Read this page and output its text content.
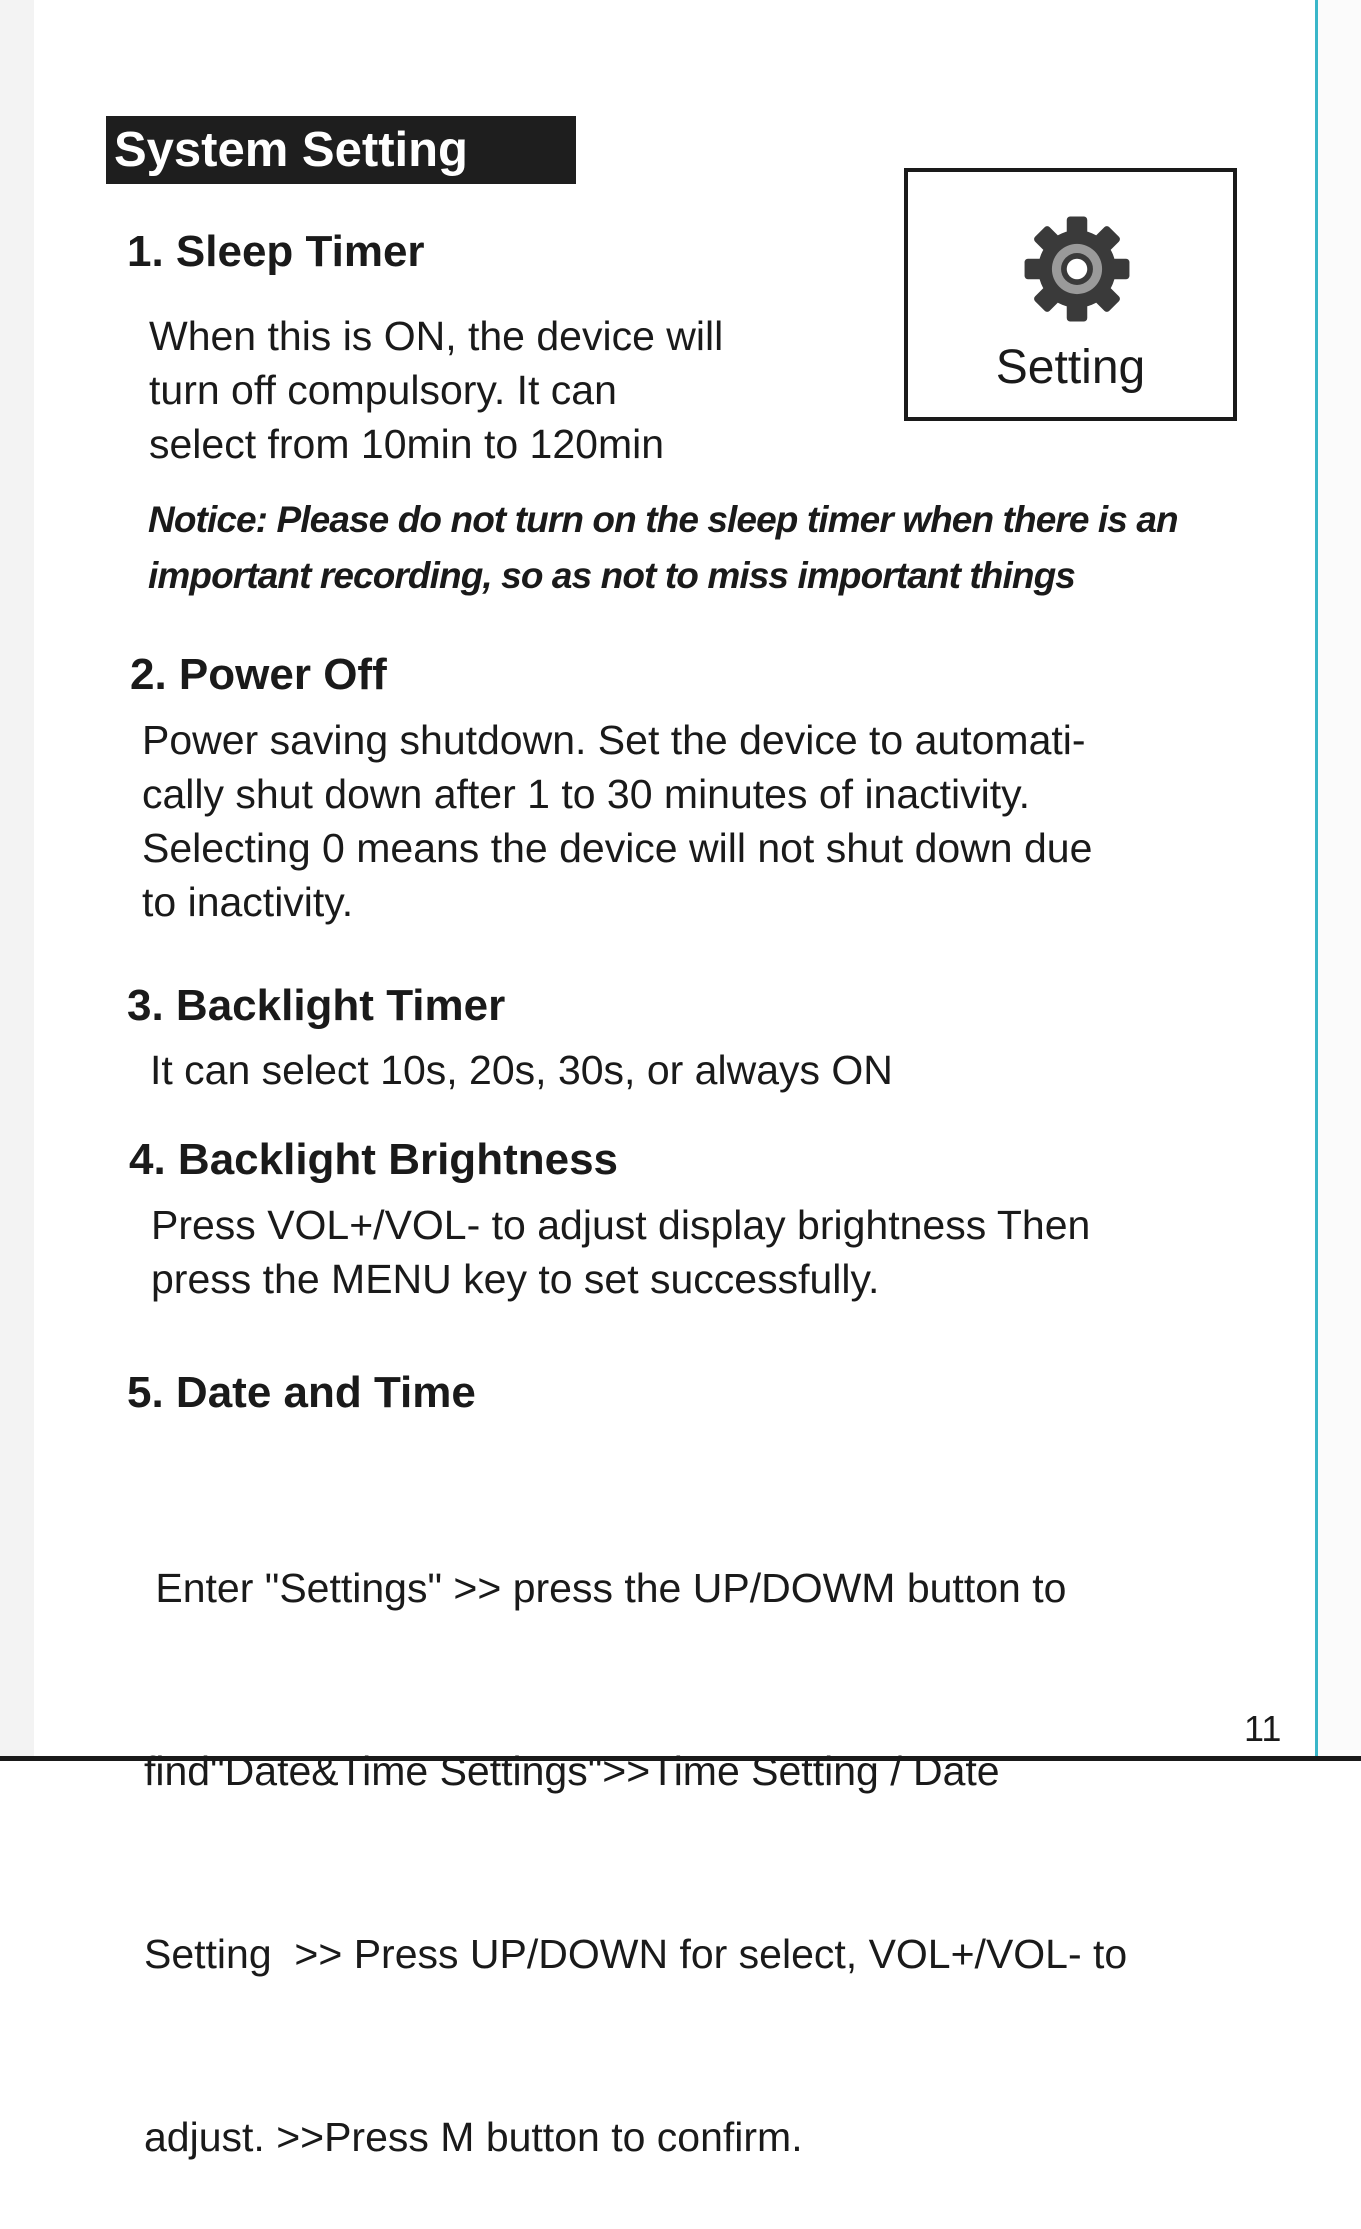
System Setting
Setting
1. Sleep Timer
When this is ON, the device will
turn off compulsory. It can
select from 10min to 120min
Notice: Please do not turn on the sleep timer when there is an
important recording, so as not to miss important things
2. Power Off
Power saving shutdown. Set the device to automati-
cally shut down after 1 to 30 minutes of inactivity.
Selecting 0 means the device will not shut down due
to inactivity.
3. Backlight Timer
It can select 10s, 20s, 30s, or always ON
4. Backlight Brightness
Press VOL+/VOL- to adjust display brightness Then
press the MENU key to set successfully.
5. Date and Time

Enter "Settings" >> press the UP/DOWM button to

find"Date&Time Settings">>Time Setting / Date

Setting  >> Press UP/DOWN for select, VOL+/VOL- to

adjust. >>Press M button to confirm.

11
